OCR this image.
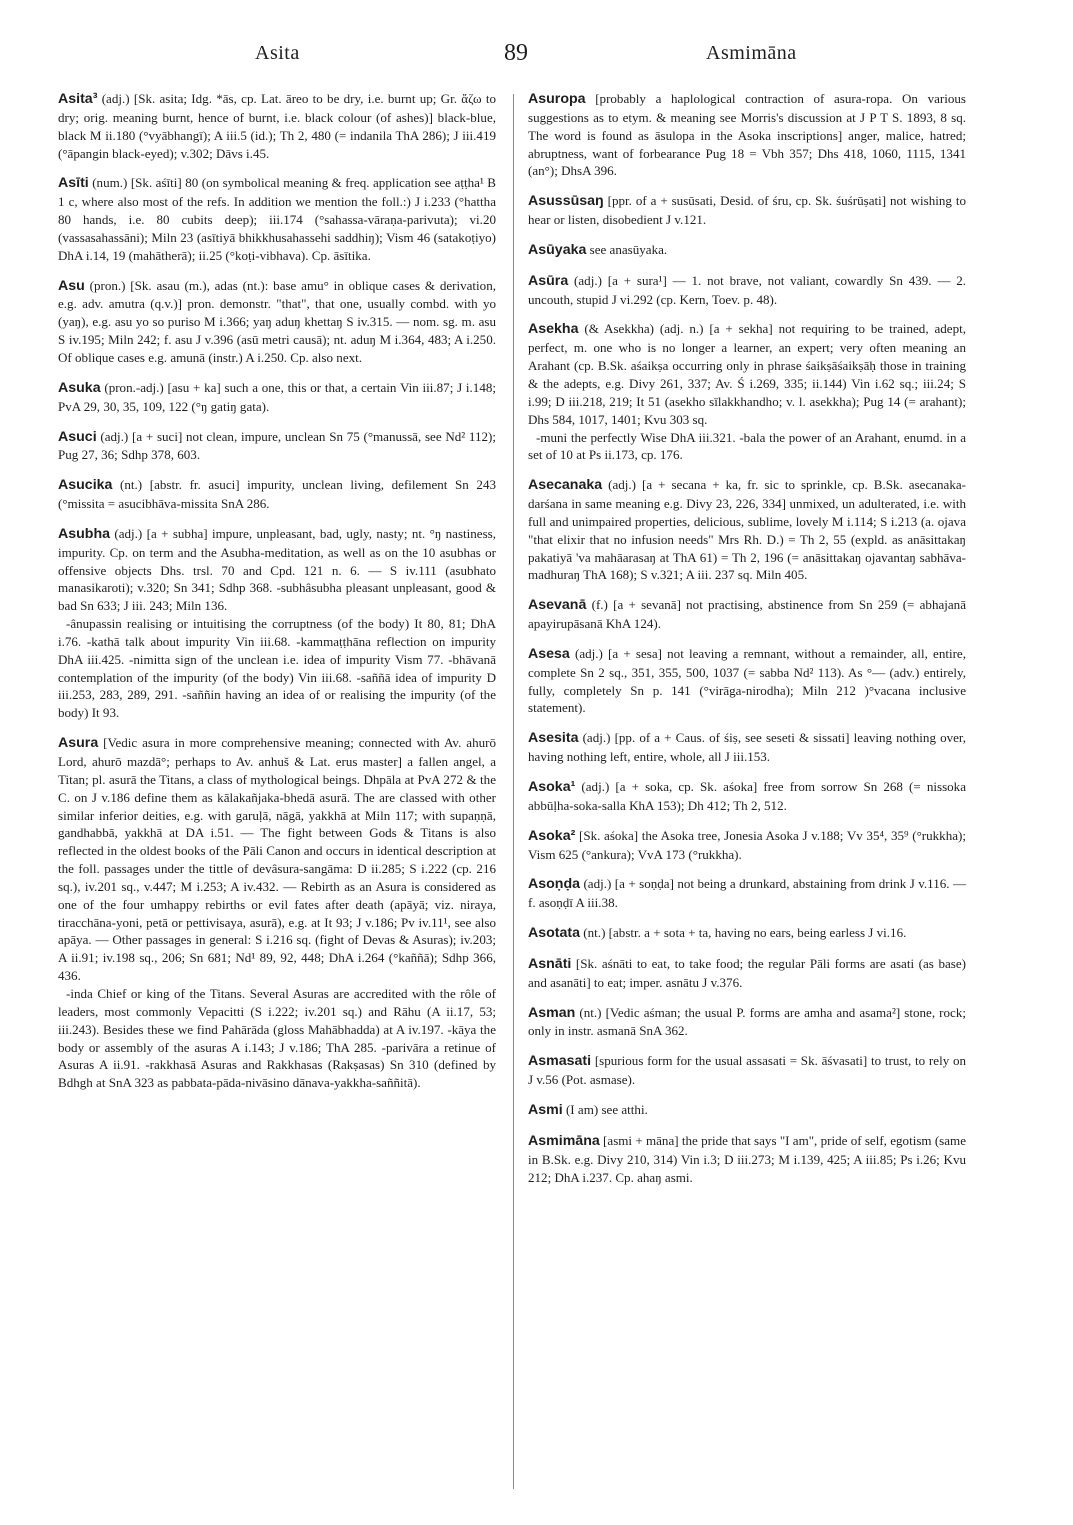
Asita	89	Asmimāna

Asita³ (adj.) [Sk. asita; Idg. *ās, cp. Lat. āreo to be dry, i.e. burnt up; Gr. ἄζω to dry; orig. meaning burnt, hence of burnt, i.e. black colour (of ashes)] black-blue, black M ii.180 (°vyābhangī); A iii.5 (id.); Th 2, 480 (= indanila ThA 286); J iii.419 (°āpangin black-eyed); v.302; Dāvs i.45.

Asīti (num.) [Sk. aśīti] 80 (on symbolical meaning & freq. application see aṭṭha¹ B 1 c, where also most of the refs. In addition we mention the foll.:) J i.233 (°hattha 80 hands, i.e. 80 cubits deep); iii.174 (°sahassa-vāraṇa-parivuta); vi.20 (vassasahassāni); Miln 23 (asītiyā bhikkhusahassehi saddhiŋ); Vism 46 (satakoṭiyo) DhA i.14, 19 (mahātherā); ii.25 (°koṭi-vibhava). Cp. āsītika.

Asu (pron.) [Sk. asau (m.), adas (nt.): base amu° in oblique cases & derivation, e.g. adv. amutra (q.v.)] pron. demonstr. "that", that one, usually combd. with yo (yaŋ), e.g. asu yo so puriso M i.366; yaŋ aduŋ khettaŋ S iv.315. — nom. sg. m. asu S iv.195; Miln 242; f. asu J v.396 (asū metri causā); nt. aduŋ M i.364, 483; A i.250. Of oblique cases e.g. amunā (instr.) A i.250. Cp. also next.

Asuka (pron.-adj.) [asu + ka] such a one, this or that, a certain Vin iii.87; J i.148; PvA 29, 30, 35, 109, 122 (°ŋ gatiŋ gata).

Asuci (adj.) [a + suci] not clean, impure, unclean Sn 75 (°manussā, see Nd² 112); Pug 27, 36; Sdhp 378, 603.

Asucika (nt.) [abstr. fr. asuci] impurity, unclean living, defilement Sn 243 (°missita = asucibhāva-missita SnA 286.

Asubha (adj.) [a + subha] impure, unpleasant, bad, ugly, nasty; nt. °ŋ nastiness, impurity. Cp. on term and the Asubha-meditation, as well as on the 10 asubhas or offensive objects Dhs. trsl. 70 and Cpd. 121 n. 6. — S iv.111 (asubhato manasikaroti); v.320; Sn 341; Sdhp 368. -subhâsubha pleasant unpleasant, good & bad Sn 633; J iii. 243; Miln 136.
-ânupassin realising or intuitising the corruptness (of the body) It 80, 81; DhA i.76. -kathā talk about impurity Vin iii.68. -kammaṭṭhāna reflection on impurity DhA iii.425. -nimitta sign of the unclean i.e. idea of impurity Vism 77. -bhāvanā contemplation of the impurity (of the body) Vin iii.68. -saññā idea of impurity D iii.253, 283, 289, 291. -saññin having an idea of or realising the impurity (of the body) It 93.

Asura [Vedic asura in more comprehensive meaning; connected with Av. ahurō Lord, ahurō mazdā°; perhaps to Av. anhuš & Lat. erus master] a fallen angel, a Titan; pl. asurā the Titans, a class of mythological beings. Dhpāla at PvA 272 & the C. on J v.186 define them as kālakañjaka-bhedā asurā. The are classed with other similar inferior deities, e.g. with garuḷā, nāgā, yakkhā at Miln 117; with supaṇṇā, gandhabbā, yakkhā at DA i.51. — The fight between Gods & Titans is also reflected in the oldest books of the Pāli Canon and occurs in identical description at the foll. passages under the tittle of devâsura-sangāma: D ii.285; S i.222 (cp. 216 sq.), iv.201 sq., v.447; M i.253; A iv.432. — Rebirth as an Asura is considered as one of the four umhappy rebirths or evil fates after death (apāyā; viz. niraya, tiracchāna-yoni, petā or pettivisaya, asurā), e.g. at It 93; J v.186; Pv iv.11¹, see also apāya. — Other passages in general: S i.216 sq. (fight of Devas & Asuras); iv.203; A ii.91; iv.198 sq., 206; Sn 681; Nd¹ 89, 92, 448; DhA i.264 (°kaññā); Sdhp 366, 436.
-inda Chief or king of the Titans. Several Asuras are accredited with the rôle of leaders, most commonly Vepacitti (S i.222; iv.201 sq.) and Rāhu (A ii.17, 53; iii.243). Besides these we find Pahārāda (gloss Mahābhadda) at A iv.197. -kāya the body or assembly of the asuras A i.143; J v.186; ThA 285. -parivāra a retinue of Asuras A ii.91. -rakkhasā Asuras and Rakkhasas (Rakṣasas) Sn 310 (defined by Bdhgh at SnA 323 as pabbata-pāda-nivāsino dānava-yakkha-saññitā).

Asuropa [probably a haplological contraction of asura-ropa. On various suggestions as to etym. & meaning see Morris's discussion at J P T S. 1893, 8 sq. The word is found as āsulopa in the Asoka inscriptions] anger, malice, hatred; abruptness, want of forbearance Pug 18 = Vbh 357; Dhs 418, 1060, 1115, 1341 (an°); DhsA 396.

Asussūsaŋ [ppr. of a + susūsati, Desid. of śru, cp. Sk. śuśrūṣati] not wishing to hear or listen, disobedient J v.121.

Asūyaka see anasūyaka.

Asūra (adj.) [a + sura¹] — 1. not brave, not valiant, cowardly Sn 439. — 2. uncouth, stupid J vi.292 (cp. Kern, Toev. p. 48).

Asekha (& Asekkha) (adj. n.) [a + sekha] not requiring to be trained, adept, perfect, m. one who is no longer a learner, an expert; very often meaning an Arahant (cp. B.Sk. aśaikṣa occurring only in phrase śaikṣāśaikṣāḥ those in training & the adepts, e.g. Divy 261, 337; Av. Ś i.269, 335; ii.144) Vin i.62 sq.; iii.24; S i.99; D iii.218, 219; It 51 (asekho sīlakkhandho; v. l. asekkha); Pug 14 (= arahant); Dhs 584, 1017, 1401; Kvu 303 sq.
-muni the perfectly Wise DhA iii.321. -bala the power of an Arahant, enumd. in a set of 10 at Ps ii.173, cp. 176.

Asecanaka (adj.) [a + secana + ka, fr. sic to sprinkle, cp. B.Sk. asecanaka-darśana in same meaning e.g. Divy 23, 226, 334] unmixed, un adulterated, i.e. with full and unimpaired properties, delicious, sublime, lovely M i.114; S i.213 (a. ojava "that elixir that no infusion needs" Mrs Rh. D.) = Th 2, 55 (expld. as anāsittakaŋ pakatiyā 'va mahāarasaŋ at ThA 61) = Th 2, 196 (= anāsittakaŋ ojavantaŋ sabhāva-madhuraŋ ThA 168); S v.321; A iii. 237 sq. Miln 405.

Asevanā (f.) [a + sevanā] not practising, abstinence from Sn 259 (= abhajanā apayirupāsanā KhA 124).

Asesa (adj.) [a + sesa] not leaving a remnant, without a remainder, all, entire, complete Sn 2 sq., 351, 355, 500, 1037 (= sabba Nd² 113). As °— (adv.) entirely, fully, completely Sn p. 141 (°virāga-nirodha); Miln 212 )°vacana inclusive statement).

Asesita (adj.) [pp. of a + Caus. of śiṣ, see seseti & sissati] leaving nothing over, having nothing left, entire, whole, all J iii.153.

Asoka¹ (adj.) [a + soka, cp. Sk. aśoka] free from sorrow Sn 268 (= nissoka abbūḷha-soka-salla KhA 153); Dh 412; Th 2, 512.

Asoka² [Sk. aśoka] the Asoka tree, Jonesia Asoka J v.188; Vv 35⁴, 35⁹ (°rukkha); Vism 625 (°ankura); VvA 173 (°rukkha).

Asoṇḍa (adj.) [a + soṇḍa] not being a drunkard, abstaining from drink J v.116. — f. asoṇḍī A iii.38.

Asotata (nt.) [abstr. a + sota + ta, having no ears, being earless J vi.16.

Asnāti [Sk. aśnāti to eat, to take food; the regular Pāli forms are asati (as base) and asanāti] to eat; imper. asnātu J v.376.

Asman (nt.) [Vedic aśman; the usual P. forms are amha and asama²] stone, rock; only in instr. asmanā SnA 362.

Asmasati [spurious form for the usual assasati = Sk. āśvasati] to trust, to rely on J v.56 (Pot. asmase).

Asmi (I am) see atthi.

Asmimāna [asmi + māna] the pride that says "I am", pride of self, egotism (same in B.Sk. e.g. Divy 210, 314) Vin i.3; D iii.273; M i.139, 425; A iii.85; Ps i.26; Kvu 212; DhA i.237. Cp. ahaŋ asmi.
